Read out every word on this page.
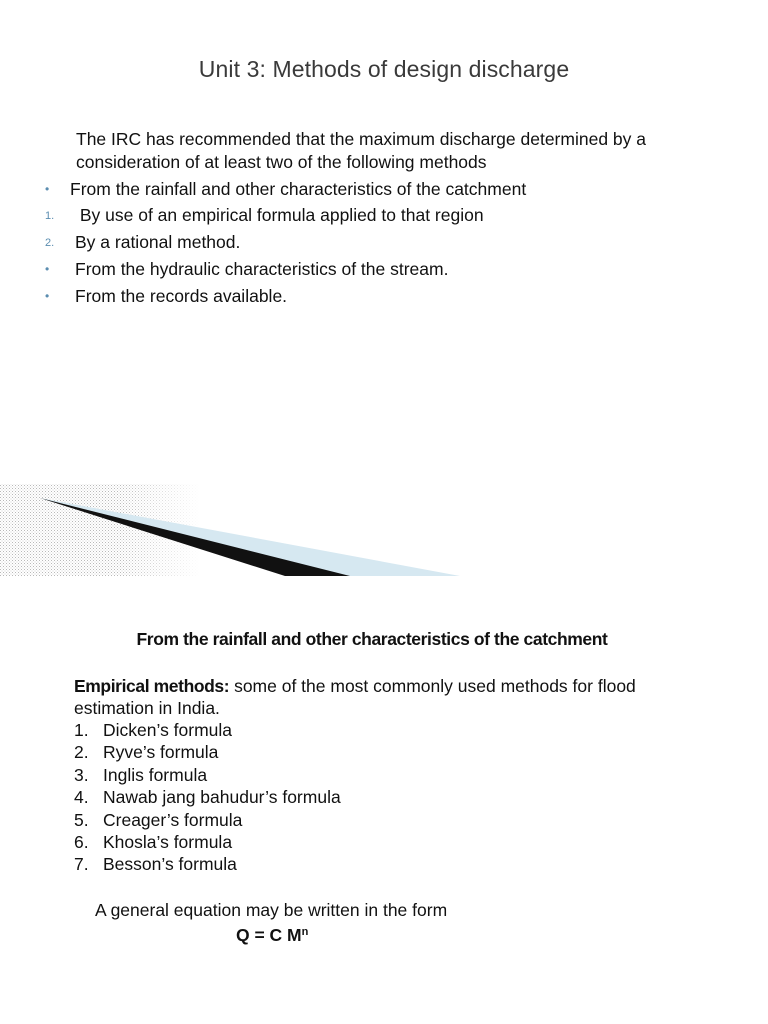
Unit 3: Methods of design discharge
The IRC has recommended that the maximum discharge determined by a
consideration of at least two of the following methods
• From the rainfall and other characteristics of the catchment
1. By use of an empirical formula applied to that region
2. By a rational method.
• From the hydraulic characteristics of the stream.
• From the records available.
From the rainfall and other characteristics of the catchment
Empirical methods: some of the most commonly used methods for flood
estimation in India.
1. Dicken’s formula
2. Ryve’s formula
3. Inglis formula
4. Nawab jang bahudur’s formula
5. Creager’s formula
6. Khosla’s formula
7. Besson’s formula
A general equation may be written in the form
Q = C $M^n$
